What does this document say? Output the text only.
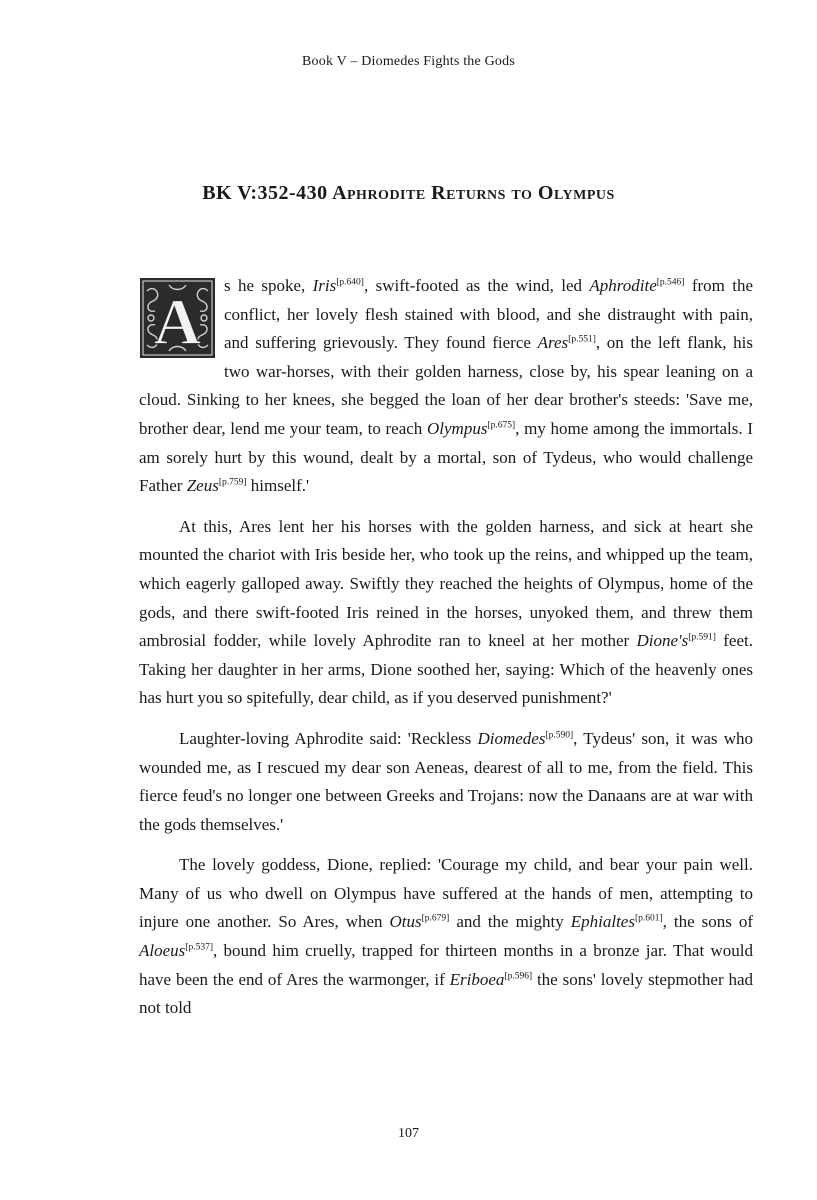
Book V – Diomedes Fights the Gods
BK V:352-430 Aphrodite Returns to Olympus

A
s he spoke, Iris[p.640], swift-footed as the wind, led Aphrodite[p.546] from the conflict, her lovely flesh stained with blood, and she distraught with pain, and suffering grievously. They found fierce Ares[p.551], on the left flank, his two war-horses, with their golden harness, close by, his spear leaning on a cloud. Sinking to her knees, she begged the loan of her dear brother's steeds: 'Save me, brother dear, lend me your team, to reach Olympus[p.675], my home among the immortals. I am sorely hurt by this wound, dealt by a mortal, son of Tydeus, who would challenge Father Zeus[p.759] himself.'

At this, Ares lent her his horses with the golden harness, and sick at heart she mounted the chariot with Iris beside her, who took up the reins, and whipped up the team, which eagerly galloped away. Swiftly they reached the heights of Olympus, home of the gods, and there swift-footed Iris reined in the horses, unyoked them, and threw them ambrosial fodder, while lovely Aphrodite ran to kneel at her mother Dione's[p.591] feet. Taking her daughter in her arms, Dione soothed her, saying: Which of the heavenly ones has hurt you so spitefully, dear child, as if you deserved punishment?'

Laughter-loving Aphrodite said: 'Reckless Diomedes[p.590], Tydeus' son, it was who wounded me, as I rescued my dear son Aeneas, dearest of all to me, from the field. This fierce feud's no longer one between Greeks and Trojans: now the Danaans are at war with the gods themselves.'

The lovely goddess, Dione, replied: 'Courage my child, and bear your pain well. Many of us who dwell on Olympus have suffered at the hands of men, attempting to injure one another. So Ares, when Otus[p.679] and the mighty Ephialtes[p.601], the sons of Aloeus[p.537], bound him cruelly, trapped for thirteen months in a bronze jar. That would have been the end of Ares the warmonger, if Eriboea[p.596] the sons' lovely stepmother had not told

107
